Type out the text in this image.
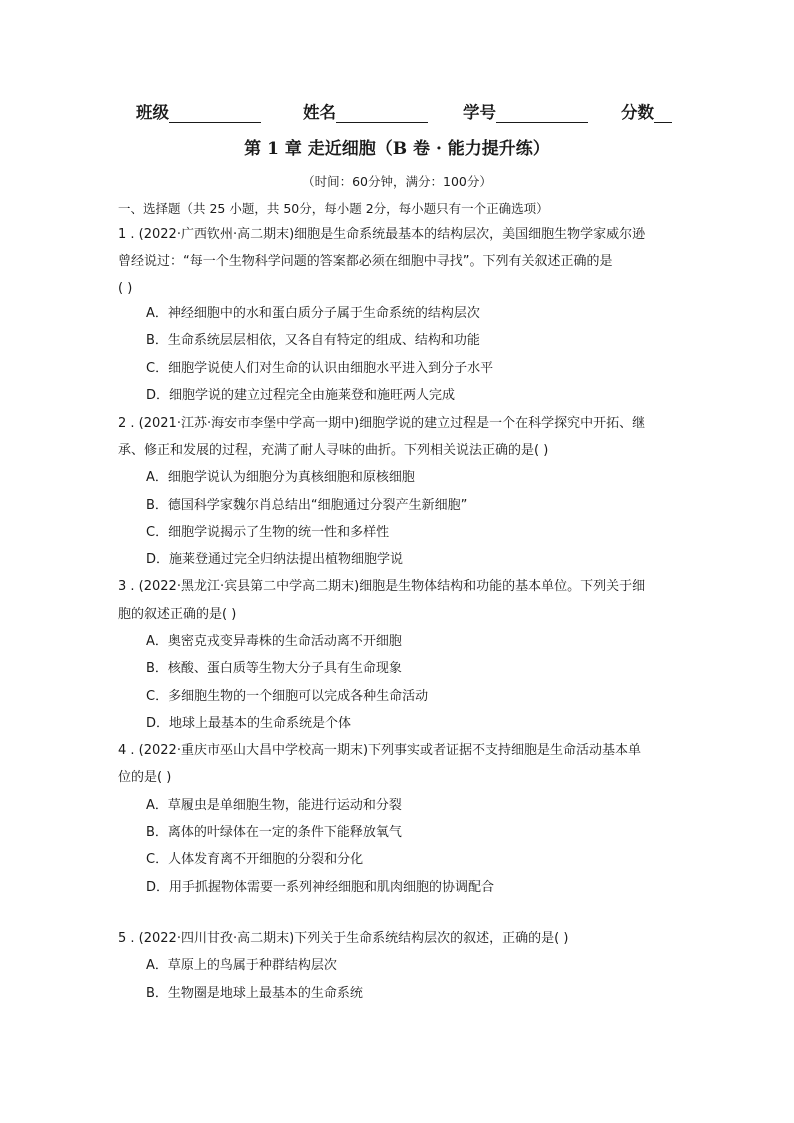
班级	姓名	学号	分数
第 1 章 走近细胞（B 卷 · 能力提升练）
（时间：60分钟，满分：100分）
一、选择题（共 25 小题，共 50分，每小题 2分，每小题只有一个正确选项）
1 . (2022·广西钦州·高二期末)细胞是生命系统最基本的结构层次，美国细胞生物学家威尔逊
曾经说过：“每一个生物科学问题的答案都必须在细胞中寻找”。下列有关叙述正确的是
( )
A．神经细胞中的水和蛋白质分子属于生命系统的结构层次
B．生命系统层层相依，又各自有特定的组成、结构和功能
C．细胞学说使人们对生命的认识由细胞水平进入到分子水平
D．细胞学说的建立过程完全由施莱登和施旺两人完成
2 . (2021·江苏·海安市李堡中学高一期中)细胞学说的建立过程是一个在科学探究中开拓、继
承、修正和发展的过程，充满了耐人寻味的曲折。下列相关说法正确的是( )
A．细胞学说认为细胞分为真核细胞和原核细胞
B．德国科学家魏尔肖总结出“细胞通过分裂产生新细胞”
C．细胞学说揭示了生物的统一性和多样性
D．施莱登通过完全归纳法提出植物细胞学说
3 . (2022·黑龙江·宾县第二中学高二期末)细胞是生物体结构和功能的基本单位。下列关于细
胞的叙述正确的是( )
A．奥密克戎变异毒株的生命活动离不开细胞
B．核酸、蛋白质等生物大分子具有生命现象
C．多细胞生物的一个细胞可以完成各种生命活动
D．地球上最基本的生命系统是个体
4 . (2022·重庆市巫山大昌中学校高一期末)下列事实或者证据不支持细胞是生命活动基本单
位的是( )
A．草履虫是单细胞生物，能进行运动和分裂
B．离体的叶绿体在一定的条件下能释放氧气
C．人体发育离不开细胞的分裂和分化
D．用手抓握物体需要一系列神经细胞和肌肉细胞的协调配合
5 . (2022·四川甘孜·高二期末)下列关于生命系统结构层次的叙述，正确的是( )
A．草原上的鸟属于种群结构层次
B．生物圈是地球上最基本的生命系统
